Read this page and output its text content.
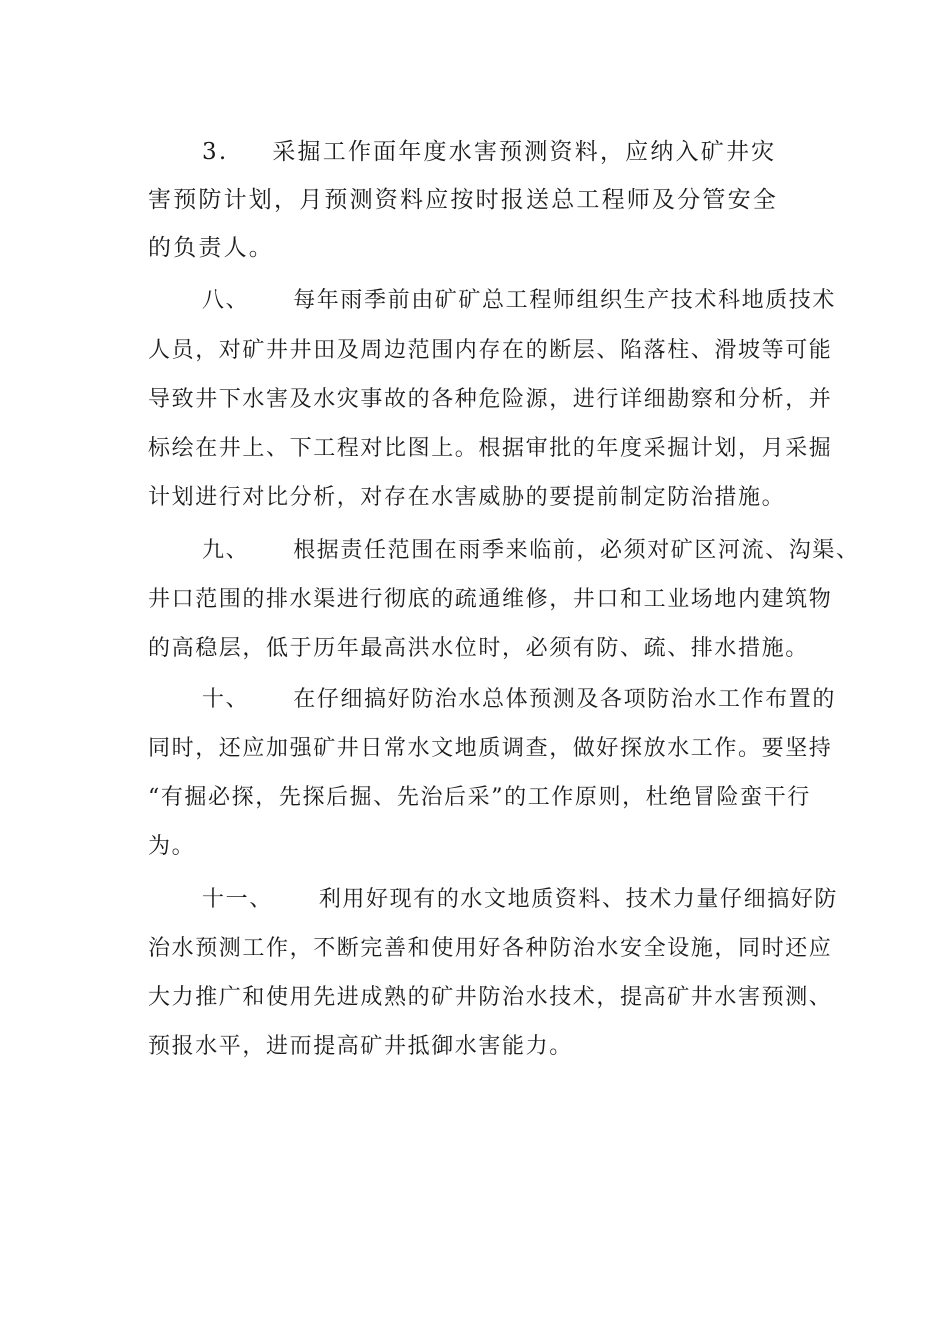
3. 采掘工作面年度水害预测资料，应纳入矿井灾
害预防计划，月预测资料应按时报送总工程师及分管安全
的负责人。
八、 每年雨季前由矿矿总工程师组织生产技术科地质技术
人员，对矿井井田及周边范围内存在的断层、陷落柱、滑坡等可能
导致井下水害及水灾事故的各种危险源，进行详细勘察和分析，并
标绘在井上、下工程对比图上。根据审批的年度采掘计划，月采掘
计划进行对比分析，对存在水害威胁的要提前制定防治措施。
九、 根据责任范围在雨季来临前，必须对矿区河流、沟渠、
井口范围的排水渠进行彻底的疏通维修，井口和工业场地内建筑物
的高稳层，低于历年最高洪水位时，必须有防、疏、排水措施。
十、 在仔细搞好防治水总体预测及各项防治水工作布置的
同时，还应加强矿井日常水文地质调查，做好探放水工作。要坚持
“有掘必探，先探后掘、先治后采”的工作原则，杜绝冒险蛮干行
为。
十一、 利用好现有的水文地质资料、技术力量仔细搞好防
治水预测工作，不断完善和使用好各种防治水安全设施，同时还应
大力推广和使用先进成熟的矿井防治水技术，提高矿井水害预测、
预报水平，进而提高矿井抵御水害能力。
